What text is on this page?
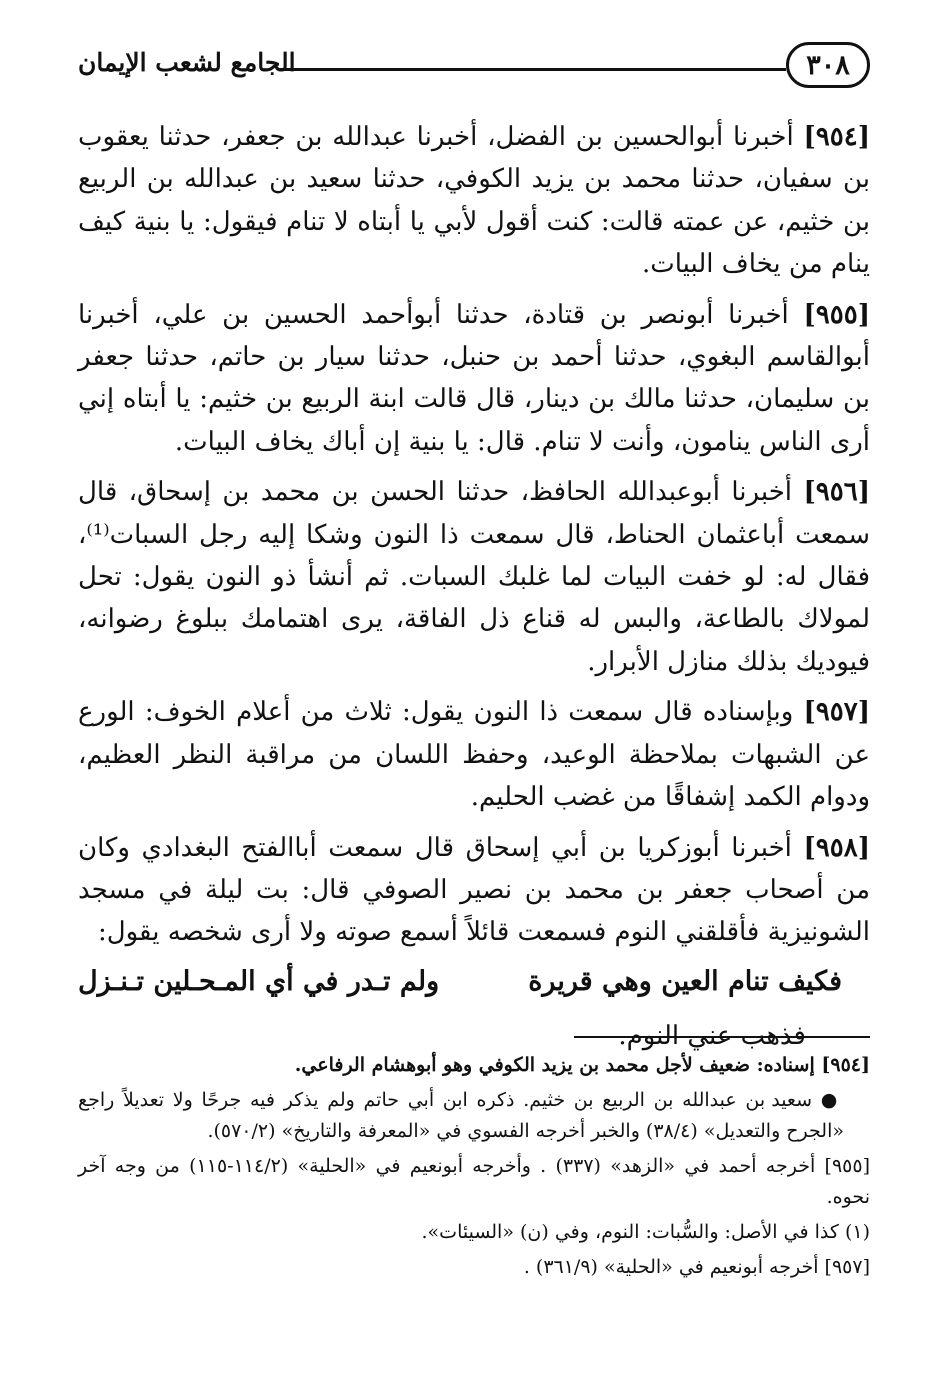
٣٠٨
الجامع لشعب الإيمان

[٩٥٤] أخبرنا أبوالحسين بن الفضل، أخبرنا عبدالله بن جعفر، حدثنا يعقوب بن سفيان، حدثنا محمد بن يزيد الكوفي، حدثنا سعيد بن عبدالله بن الربيع بن خثيم، عن عمته قالت: كنت أقول لأبي يا أبتاه لا تنام فيقول: يا بنية كيف ينام من يخاف البيات.

[٩٥٥] أخبرنا أبونصر بن قتادة، حدثنا أبوأحمد الحسين بن علي، أخبرنا أبوالقاسم البغوي، حدثنا أحمد بن حنبل، حدثنا سيار بن حاتم، حدثنا جعفر بن سليمان، حدثنا مالك بن دينار، قال قالت ابنة الربيع بن خثيم: يا أبتاه إني أرى الناس ينامون، وأنت لا تنام. قال: يا بنية إن أباك يخاف البيات.

[٩٥٦] أخبرنا أبوعبدالله الحافظ، حدثنا الحسن بن محمد بن إسحاق، قال سمعت أباعثمان الحناط، قال سمعت ذا النون وشكا إليه رجل السبات⁽¹⁾، فقال له: لو خفت البيات لما غلبك السبات. ثم أنشأ ذو النون يقول: تحل لمولاك بالطاعة، والبس له قناع ذل الفاقة، يرى اهتمامك ببلوغ رضوانه، فيوديك بذلك منازل الأبرار.

[٩٥٧] وبإسناده قال سمعت ذا النون يقول: ثلاث من أعلام الخوف: الورع عن الشبهات بملاحظة الوعيد، وحفظ اللسان من مراقبة النظر العظيم، ودوام الكمد إشفاقًا من غضب الحليم.

[٩٥٨] أخبرنا أبوزكريا بن أبي إسحاق قال سمعت أباالفتح البغدادي وكان من أصحاب جعفر بن محمد بن نصير الصوفي قال: بت ليلة في مسجد الشونيزية فأقلقني النوم فسمعت قائلاً أسمع صوته ولا أرى شخصه يقول:

فكيف تنام العين وهي قريرة
ولم تـدر في أي المـحـلين تـنـزل
فذهب عني النوم.

[٩٥٤] إسناده: ضعيف لأجل محمد بن يزيد الكوفي وهو أبوهشام الرفاعي.

● سعيد بن عبدالله بن الربيع بن خثيم. ذكره ابن أبي حاتم ولم يذكر فيه جرحًا ولا تعديلاً راجع «الجرح والتعديل» (٣٨/٤) والخبر أخرجه الفسوي في «المعرفة والتاريخ» (٥٧٠/٢).

[٩٥٥] أخرجه أحمد في «الزهد» (٣٣٧) . وأخرجه أبونعيم في «الحلية» (١١٤/٢-١١٥) من وجه آخر نحوه.

(١) كذا في الأصل: والسُّبات: النوم، وفي (ن) «السيئات».

[٩٥٧] أخرجه أبونعيم في «الحلية» (٣٦١/٩) .
